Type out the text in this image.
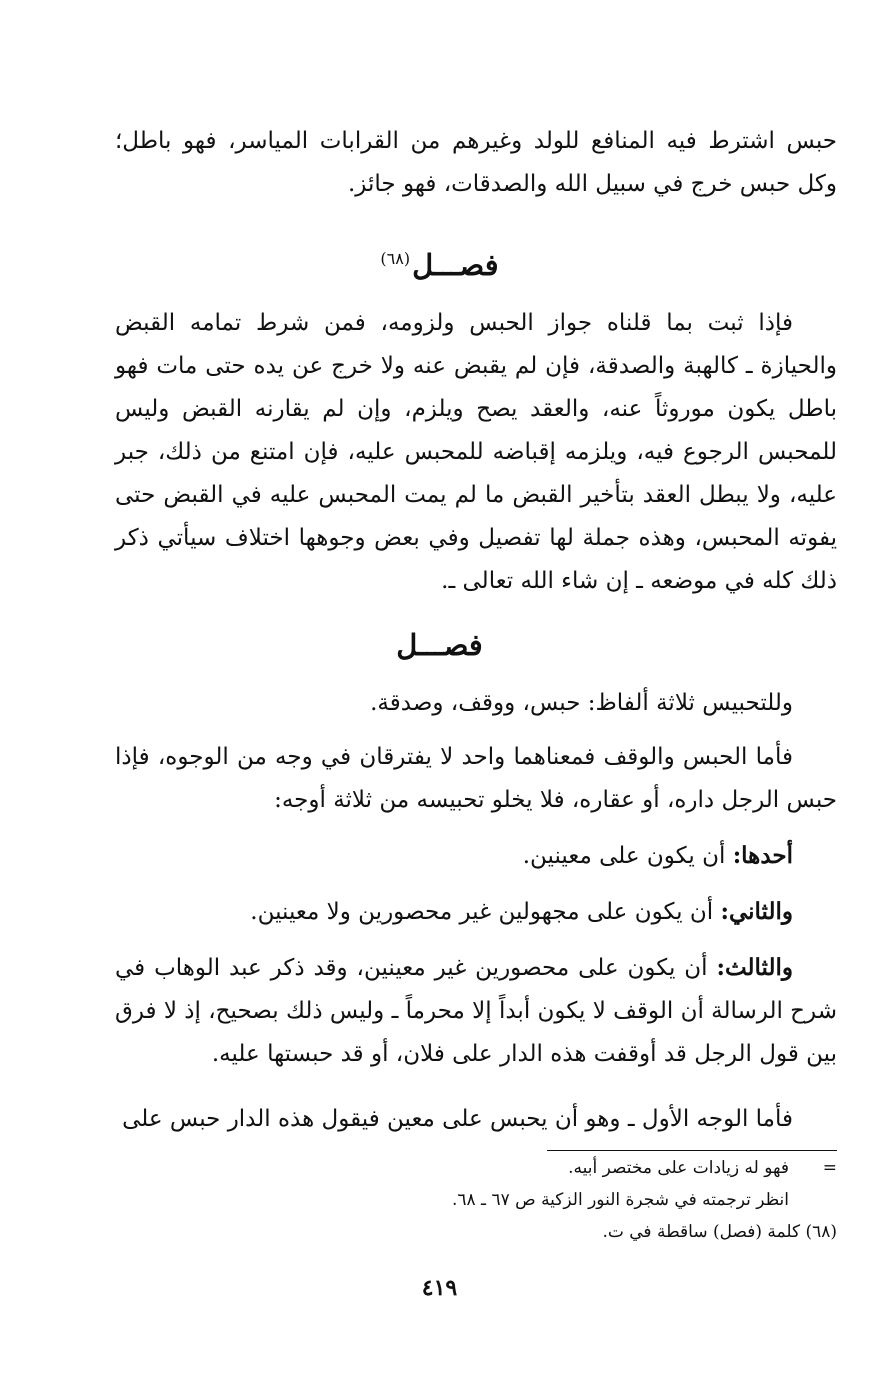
حبس اشترط فيه المنافع للولد وغيرهم من القرابات المياسر، فهو باطل؛ وكل حبس خرج في سبيل الله والصدقات، فهو جائز.

فصـــل$^{(٦٨)}$

فإذا ثبت بما قلناه جواز الحبس ولزومه، فمن شرط تمامه القبض والحيازة ـ كالهبة والصدقة، فإن لم يقبض عنه ولا خرج عن يده حتى مات فهو باطل يكون موروثاً عنه، والعقد يصح ويلزم، وإن لم يقارنه القبض وليس للمحبس الرجوع فيه، ويلزمه إقباضه للمحبس عليه، فإن امتنع من ذلك، جبر عليه، ولا يبطل العقد بتأخير القبض ما لم يمت المحبس عليه في القبض حتى يفوته المحبس، وهذه جملة لها تفصيل وفي بعض وجوهها اختلاف سيأتي ذكر ذلك كله في موضعه ـ إن شاء الله تعالى ـ.

فصـــل

وللتحبيس ثلاثة ألفاظ: حبس، ووقف، وصدقة.

فأما الحبس والوقف فمعناهما واحد لا يفترقان في وجه من الوجوه، فإذا حبس الرجل داره، أو عقاره، فلا يخلو تحبيسه من ثلاثة أوجه:

أحدها: أن يكون على معينين.

والثاني: أن يكون على مجهولين غير محصورين ولا معينين.

والثالث: أن يكون على محصورين غير معينين، وقد ذكر عبد الوهاب في شرح الرسالة أن الوقف لا يكون أبداً إلا محرماً ـ وليس ذلك بصحيح، إذ لا فرق بين قول الرجل قد أوقفت هذه الدار على فلان، أو قد حبستها عليه.

فأما الوجه الأول ـ وهو أن يحبس على معين فيقول هذه الدار حبس على

=فهو له زيادات على مختصر أبيه.
انظر ترجمته في شجرة النور الزكية ص ٦٧ ـ ٦٨.
(٦٨) كلمة (فصل) ساقطة في ت.
٤١٩
